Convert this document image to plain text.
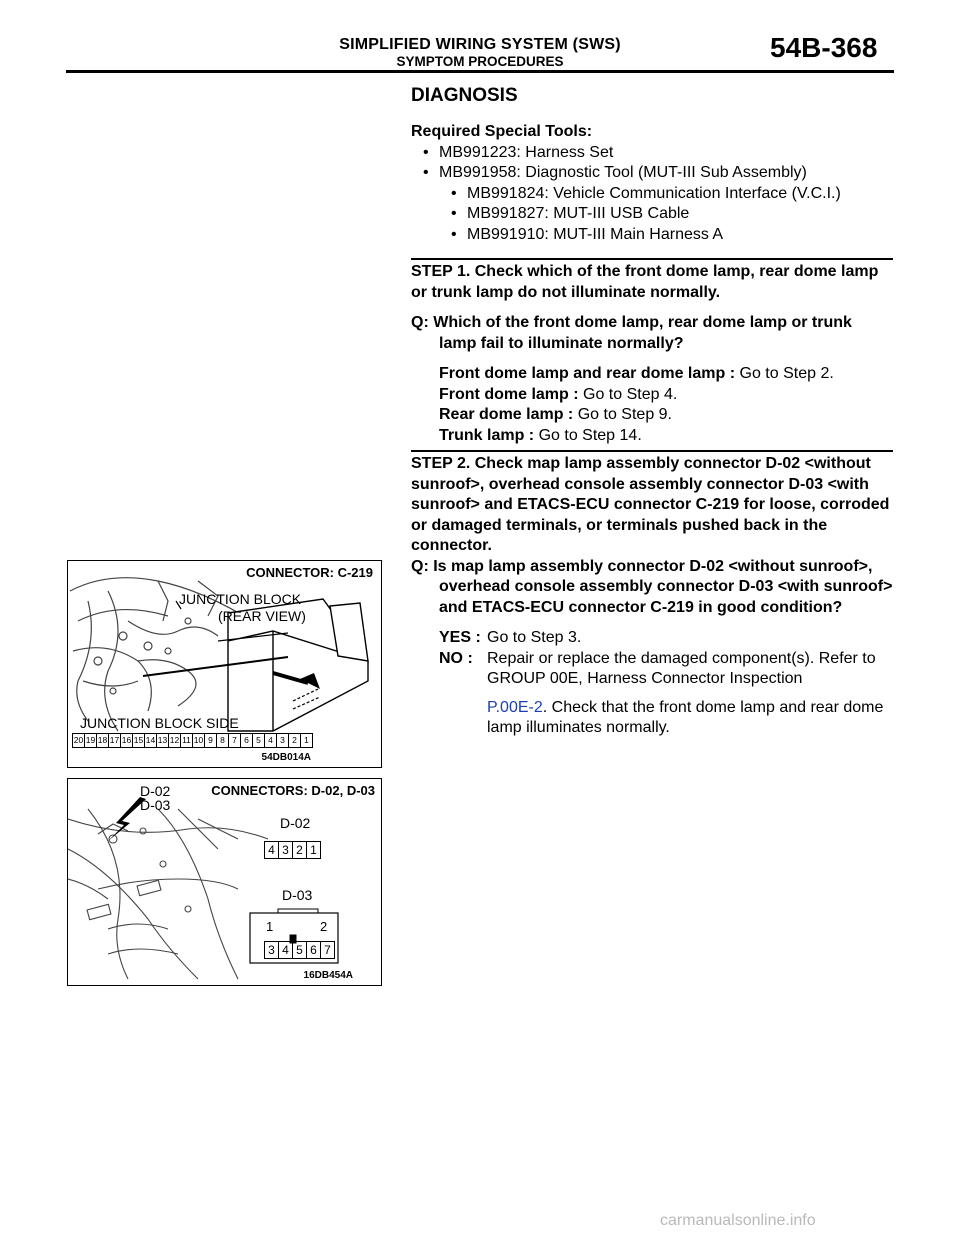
SIMPLIFIED WIRING SYSTEM (SWS)
SYMPTOM PROCEDURES	54B-368
DIAGNOSIS
Required Special Tools:
• MB991223: Harness Set
• MB991958: Diagnostic Tool (MUT-III Sub Assembly)
• MB991824: Vehicle Communication Interface (V.C.I.)
• MB991827: MUT-III USB Cable
• MB991910: MUT-III Main Harness A
STEP 1. Check which of the front dome lamp, rear dome lamp or trunk lamp do not illuminate normally.
Q: Which of the front dome lamp, rear dome lamp or trunk lamp fail to illuminate normally?
Front dome lamp and rear dome lamp : Go to Step 2.
Front dome lamp : Go to Step 4.
Rear dome lamp : Go to Step 9.
Trunk lamp : Go to Step 14.
STEP 2. Check map lamp assembly connector D-02 <without sunroof>, overhead console assembly connector D-03 <with sunroof> and ETACS-ECU connector C-219 for loose, corroded or damaged terminals, or terminals pushed back in the connector.
Q: Is map lamp assembly connector D-02 <without sunroof>, overhead console assembly connector D-03 <with sunroof> and ETACS-ECU connector C-219 in good condition?
YES : Go to Step 3.
NO : Repair or replace the damaged component(s). Refer to GROUP 00E, Harness Connector Inspection
P.00E-2. Check that the front dome lamp and rear dome lamp illuminates normally.
CONNECTOR: C-219
JUNCTION BLOCK
(REAR VIEW)
JUNCTION BLOCK SIDE
20 19 18 17 16 15 14 13 12 11 10 9 8 7 6 5 4 3 2 1
54DB014A
CONNECTORS: D-02, D-03
D-02
D-03
D-02
4 3 2 1
D-03
1	2
3 4 5 6 7
16DB454A
carmanualsonline.info
